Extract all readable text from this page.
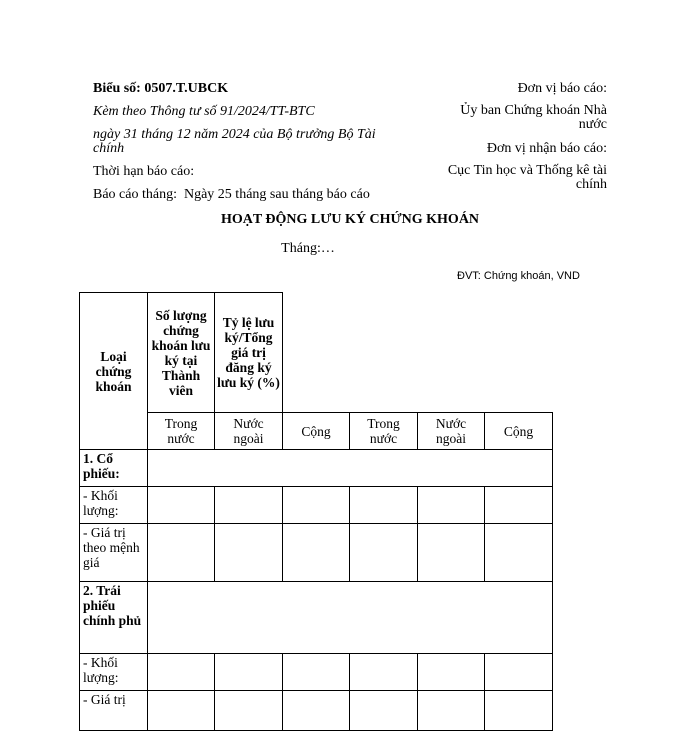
Biểu số: 0507.T.UBCK
Kèm theo Thông tư số 91/2024/TT-BTC
ngày 31 tháng 12 năm 2024 của Bộ trưởng Bộ Tài
chính
Thời hạn báo cáo:
Báo cáo tháng: Ngày 25 tháng sau tháng báo cáo
Đơn vị báo cáo:
Ủy ban Chứng khoán Nhà
nước
Đơn vị nhận báo cáo:
Cục Tin học và Thống kê tài
chính
HOẠT ĐỘNG LƯU KÝ CHỨNG KHOÁN
Tháng:…
ĐVT: Chứng khoán, VND
Loại chứng khoán	Số lượng chứng khoán lưu ký tại Thành viên	Tỷ lệ lưu ký/Tổng giá trị đăng ký lưu ký (%)				
	Trong nước	Nước ngoài	Cộng	Trong nước	Nước ngoài	Cộng
1. Cổ phiếu:						
- Khối lượng:						
- Giá trị theo mệnh giá						
2. Trái phiếu chính phủ						
- Khối lượng:						
- Giá trị						
